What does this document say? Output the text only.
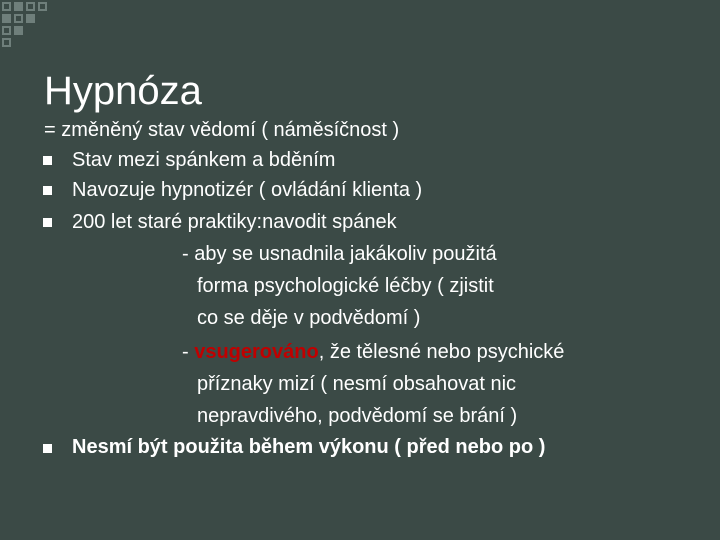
Hypnóza
= změněný stav vědomí ( náměsíčnost )
Stav mezi spánkem a bděním
Navozuje hypnotizér ( ovládání klienta )
200 let staré praktiky:navodit spánek
- aby se usnadnila jakákoliv použitá
forma psychologické léčby ( zjistit
co se děje v podvědomí )
- vsugerováno, že tělesné nebo psychické
příznaky mizí ( nesmí obsahovat nic
nepravdivého, podvědomí se brání )
Nesmí být použita během výkonu ( před nebo po )
